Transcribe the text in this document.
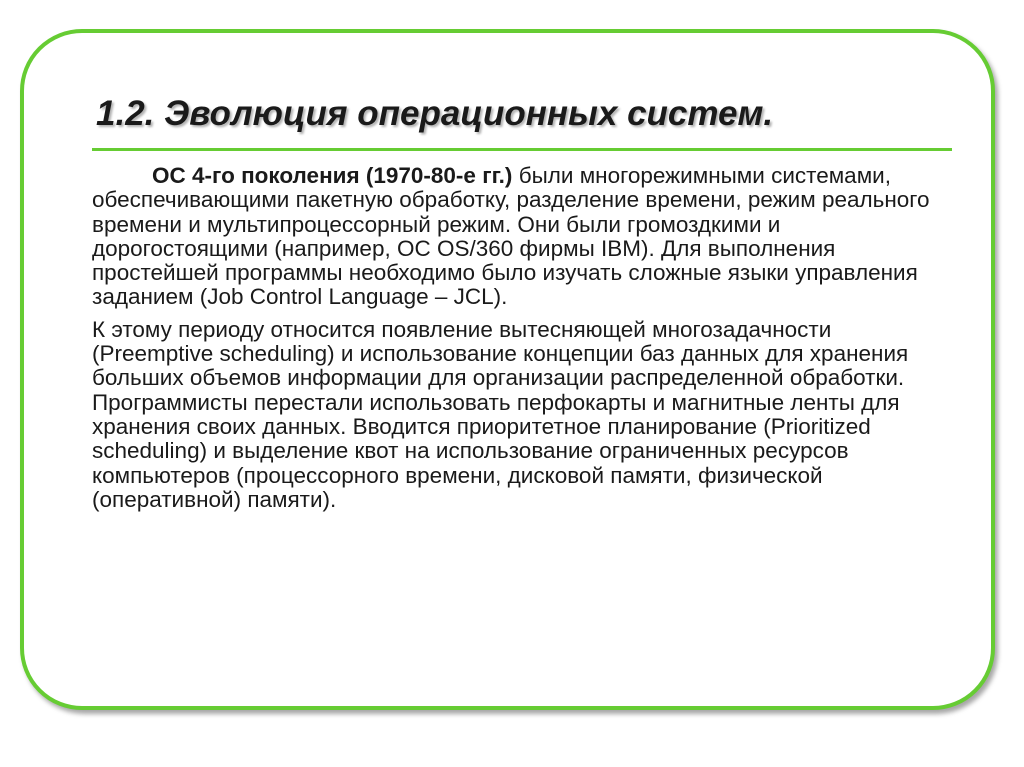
1.2. Эволюция операционных систем.

ОС 4-го поколения (1970-80-е гг.) были многорежимными системами, обеспечивающими пакетную обработку, разделение времени, режим реального времени и мультипроцессорный режим. Они были громоздкими и дорогостоящими (например, ОС OS/360 фирмы IBM). Для выполнения простейшей программы необходимо было изучать сложные языки управления заданием (Job Control Language – JCL).

К этому периоду относится появление вытесняющей многозадачности (Preemptive scheduling) и использование концепции баз данных для хранения больших объемов информации для организации распределенной обработки. Программисты перестали использовать перфокарты и магнитные ленты для хранения своих данных. Вводится приоритетное планирование (Prioritized scheduling) и выделение квот на использование ограниченных ресурсов компьютеров (процессорного времени, дисковой памяти, физической (оперативной) памяти).
